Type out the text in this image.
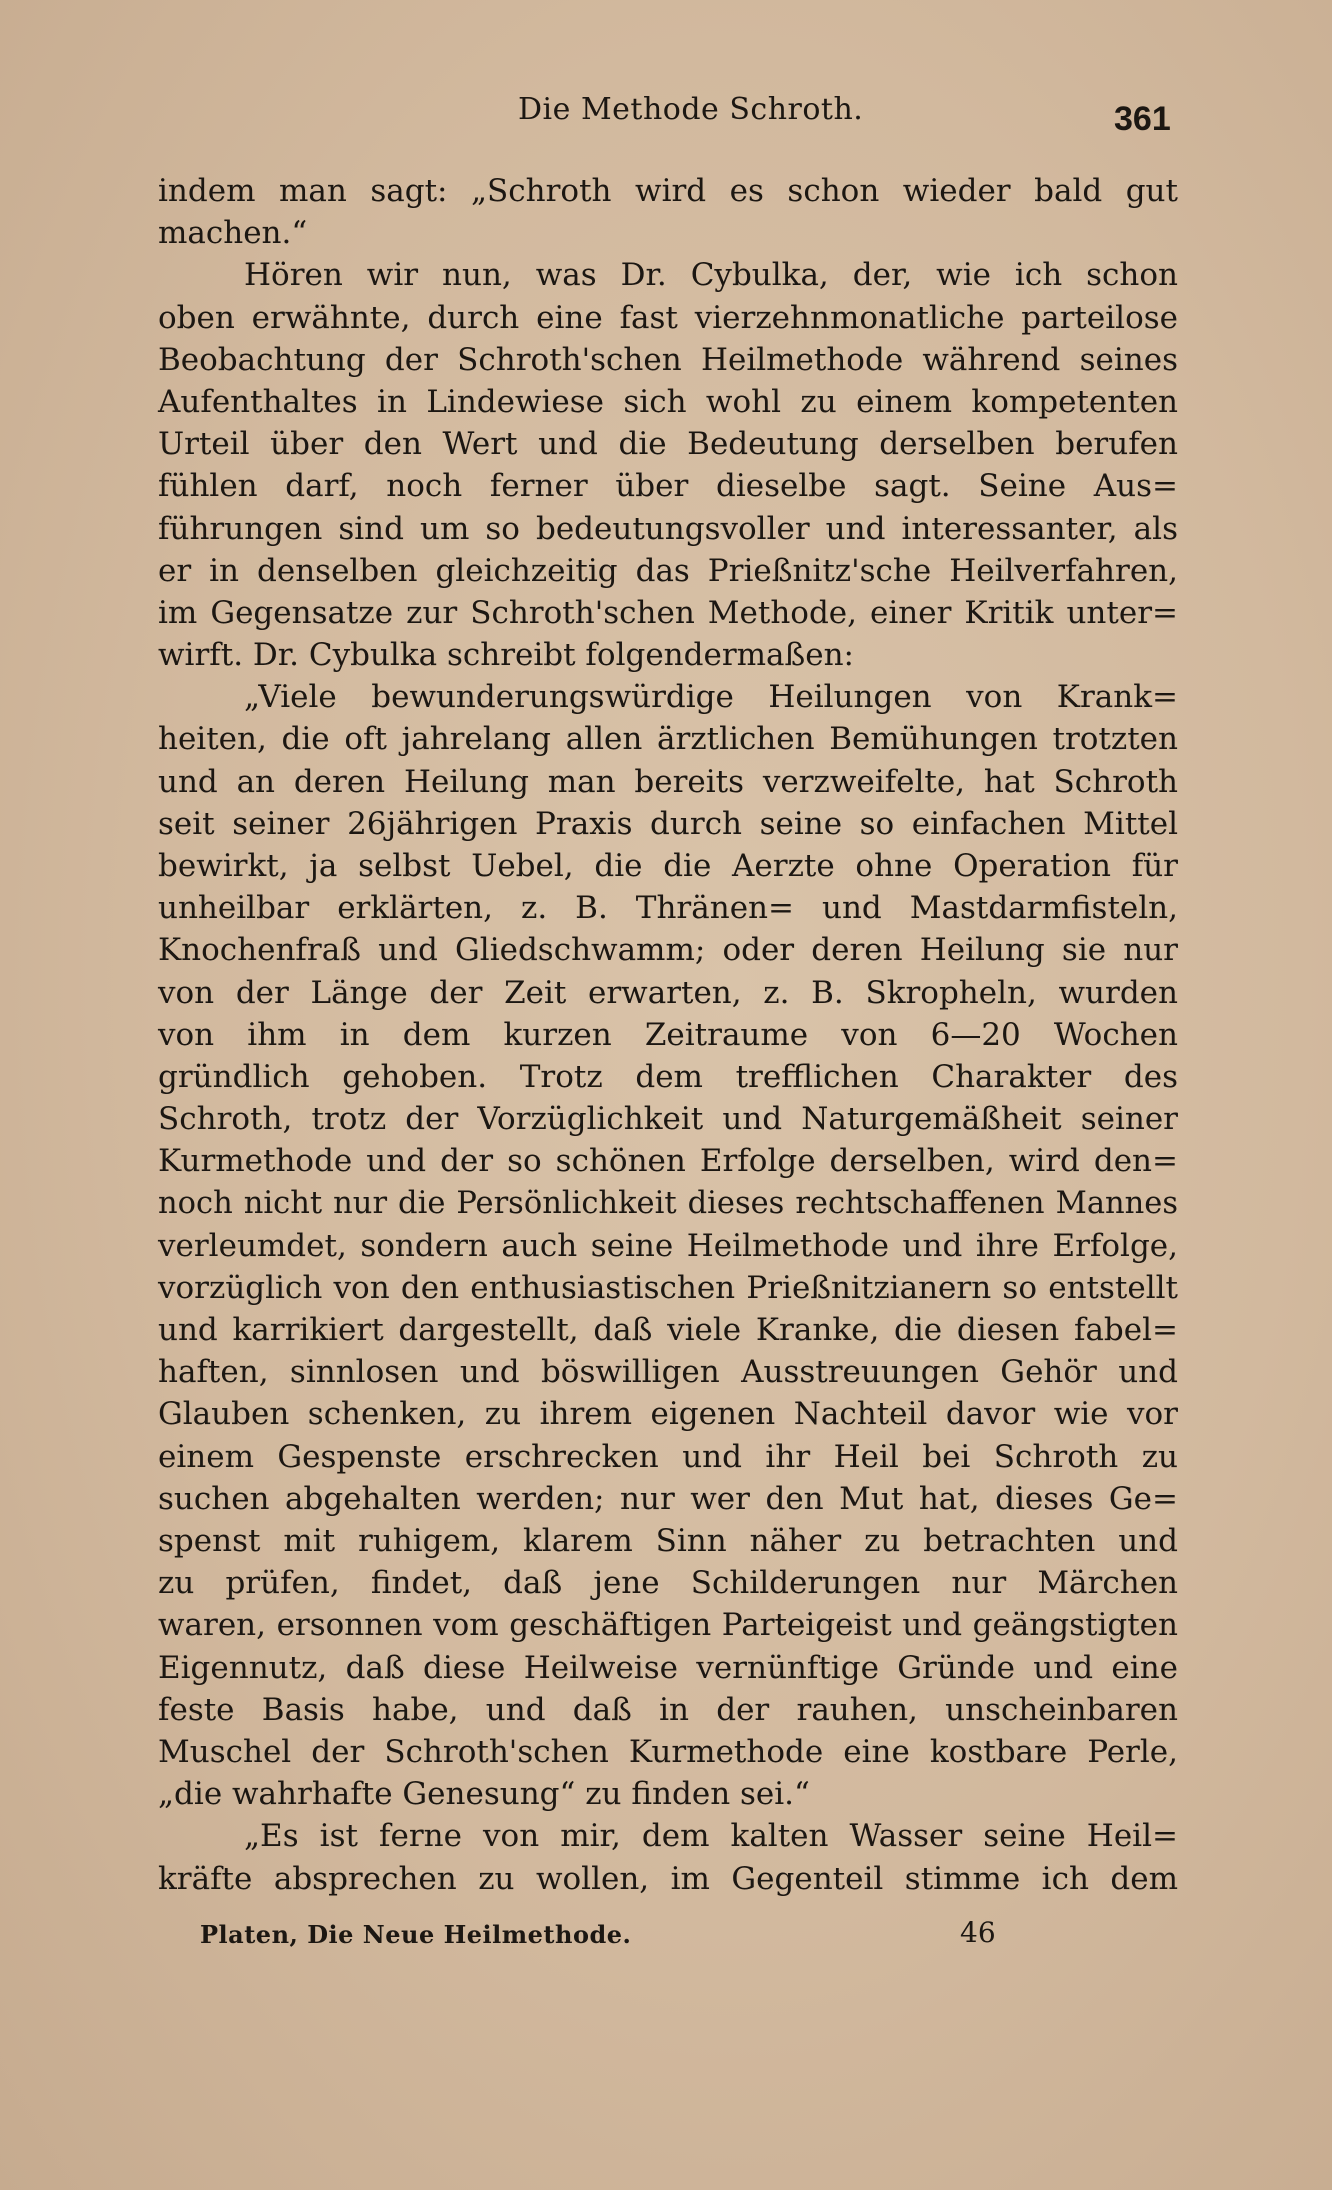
Die Methode Schroth.	361
indem man sagt: „Schroth wird es schon wieder bald gut
machen.“
Hören wir nun, was Dr. Cybulka, der, wie ich schon
oben erwähnte, durch eine fast vierzehnmonatliche parteilose
Beobachtung der Schroth'schen Heilmethode während seines
Aufenthaltes in Lindewiese sich wohl zu einem kompetenten
Urteil über den Wert und die Bedeutung derselben berufen
fühlen darf, noch ferner über dieselbe sagt. Seine Aus=
führungen sind um so bedeutungsvoller und interessanter, als
er in denselben gleichzeitig das Prießnitz'sche Heilverfahren,
im Gegensatze zur Schroth'schen Methode, einer Kritik unter=
wirft. Dr. Cybulka schreibt folgendermaßen:
„Viele bewunderungswürdige Heilungen von Krank=
heiten, die oft jahrelang allen ärztlichen Bemühungen trotzten
und an deren Heilung man bereits verzweifelte, hat Schroth
seit seiner 26jährigen Praxis durch seine so einfachen Mittel
bewirkt, ja selbst Uebel, die die Aerzte ohne Operation für
unheilbar erklärten, z. B. Thränen= und Mastdarmfisteln,
Knochenfraß und Gliedschwamm; oder deren Heilung sie nur
von der Länge der Zeit erwarten, z. B. Skropheln, wurden
von ihm in dem kurzen Zeitraume von 6—20 Wochen
gründlich gehoben. Trotz dem trefflichen Charakter des
Schroth, trotz der Vorzüglichkeit und Naturgemäßheit seiner
Kurmethode und der so schönen Erfolge derselben, wird den=
noch nicht nur die Persönlichkeit dieses rechtschaffenen Mannes
verleumdet, sondern auch seine Heilmethode und ihre Erfolge,
vorzüglich von den enthusiastischen Prießnitzianern so entstellt
und karrikiert dargestellt, daß viele Kranke, die diesen fabel=
haften, sinnlosen und böswilligen Ausstreuungen Gehör und
Glauben schenken, zu ihrem eigenen Nachteil davor wie vor
einem Gespenste erschrecken und ihr Heil bei Schroth zu
suchen abgehalten werden; nur wer den Mut hat, dieses Ge=
spenst mit ruhigem, klarem Sinn näher zu betrachten und
zu prüfen, findet, daß jene Schilderungen nur Märchen
waren, ersonnen vom geschäftigen Parteigeist und geängstigten
Eigennutz, daß diese Heilweise vernünftige Gründe und eine
feste Basis habe, und daß in der rauhen, unscheinbaren
Muschel der Schroth'schen Kurmethode eine kostbare Perle,
„die wahrhafte Genesung“ zu finden sei.“
„Es ist ferne von mir, dem kalten Wasser seine Heil=
kräfte absprechen zu wollen, im Gegenteil stimme ich dem
Platen, Die Neue Heilmethode.	46
